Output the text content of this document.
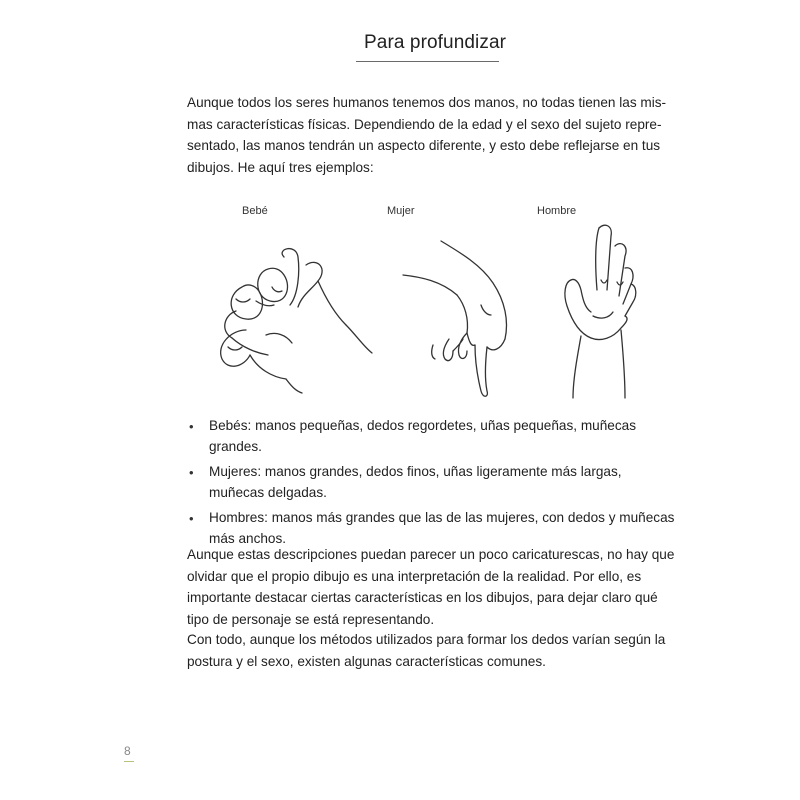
Para profundizar

Aunque todos los seres humanos tenemos dos manos, no todas tienen las mismas características físicas. Dependiendo de la edad y el sexo del sujeto representado, las manos tendrán un aspecto diferente, y esto debe reflejarse en tus dibujos. He aquí tres ejemplos:

Bebé	Mujer	Hombre
• Bebés: manos pequeñas, dedos regordetes, uñas pequeñas, muñecas grandes.
• Mujeres: manos grandes, dedos finos, uñas ligeramente más largas, muñecas delgadas.
• Hombres: manos más grandes que las de las mujeres, con dedos y muñecas más anchos.

Aunque estas descripciones puedan parecer un poco caricaturescas, no hay que olvidar que el propio dibujo es una interpretación de la realidad. Por ello, es importante destacar ciertas características en los dibujos, para dejar claro qué tipo de personaje se está representando.

Con todo, aunque los métodos utilizados para formar los dedos varían según la postura y el sexo, existen algunas características comunes.

8
